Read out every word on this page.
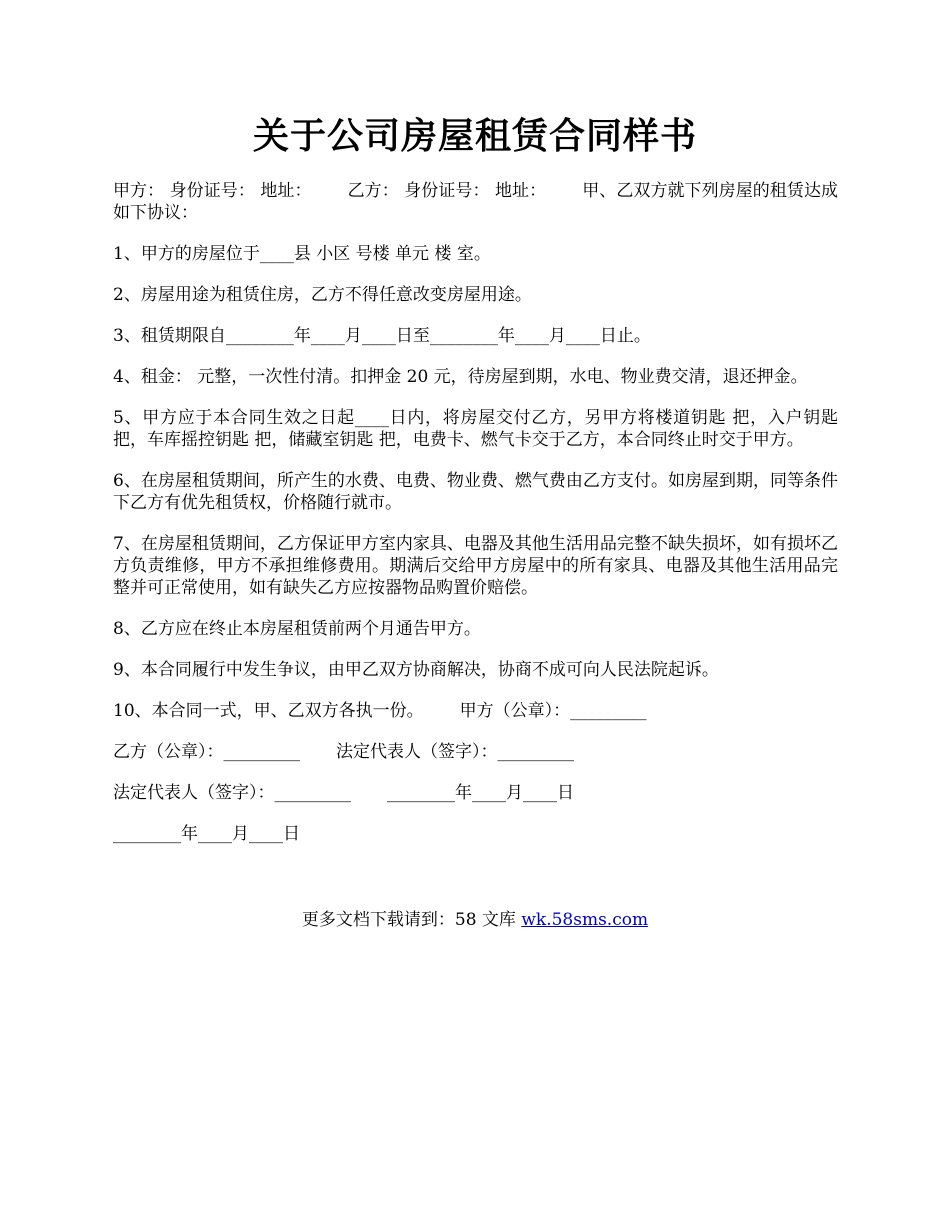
关于公司房屋租赁合同样书

甲方： 身份证号： 地址： 乙方： 身份证号： 地址： 甲、乙双方就下列房屋的租赁达成如下协议：

1、甲方的房屋位于____县 小区 号楼 单元 楼 室。

2、房屋用途为租赁住房，乙方不得任意改变房屋用途。

3、租赁期限自________年____月____日至________年____月____日止。

4、租金： 元整，一次性付清。扣押金 20 元，待房屋到期，水电、物业费交清，退还押金。

5、甲方应于本合同生效之日起____日内，将房屋交付乙方，另甲方将楼道钥匙 把，入户钥匙 把，车库摇控钥匙 把，储藏室钥匙 把，电费卡、燃气卡交于乙方，本合同终止时交于甲方。

6、在房屋租赁期间，所产生的水费、电费、物业费、燃气费由乙方支付。如房屋到期，同等条件下乙方有优先租赁权，价格随行就市。

7、在房屋租赁期间，乙方保证甲方室内家具、电器及其他生活用品完整不缺失损坏，如有损坏乙方负责维修，甲方不承担维修费用。期满后交给甲方房屋中的所有家具、电器及其他生活用品完整并可正常使用，如有缺失乙方应按器物品购置价赔偿。

8、乙方应在终止本房屋租赁前两个月通告甲方。

9、本合同履行中发生争议，由甲乙双方协商解决，协商不成可向人民法院起诉。

10、本合同一式，甲、乙双方各执一份。 甲方（公章）：_________

乙方（公章）：_________ 法定代表人（签字）：_________

法定代表人（签字）：_________ ________年____月____日

________年____月____日

更多文档下载请到：58 文库 wk.58sms.com
